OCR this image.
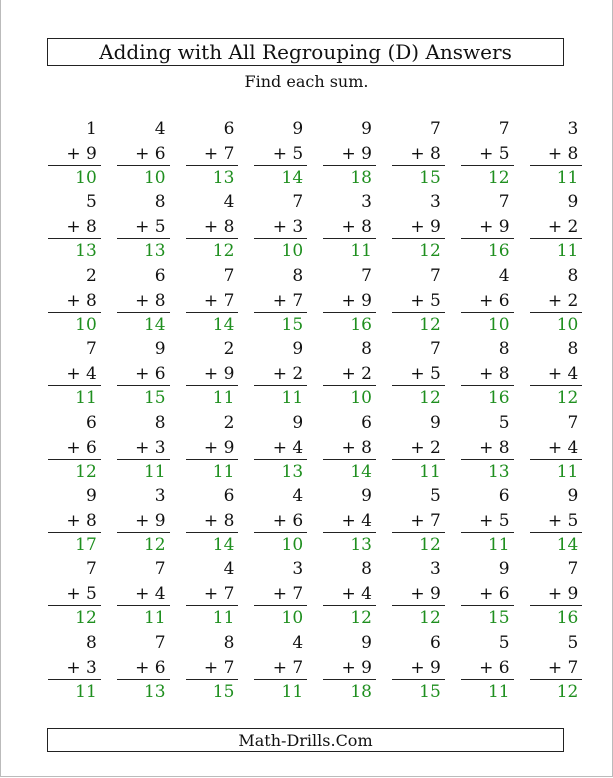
Adding with All Regrouping (D) Answers
Find each sum.
1
+ 9
10
4
+ 6
10
6
+ 7
13
9
+ 5
14
9
+ 9
18
7
+ 8
15
7
+ 5
12
3
+ 8
11
5
+ 8
13
8
+ 5
13
4
+ 8
12
7
+ 3
10
3
+ 8
11
3
+ 9
12
7
+ 9
16
9
+ 2
11
2
+ 8
10
6
+ 8
14
7
+ 7
14
8
+ 7
15
7
+ 9
16
7
+ 5
12
4
+ 6
10
8
+ 2
10
7
+ 4
11
9
+ 6
15
2
+ 9
11
9
+ 2
11
8
+ 2
10
7
+ 5
12
8
+ 8
16
8
+ 4
12
6
+ 6
12
8
+ 3
11
2
+ 9
11
9
+ 4
13
6
+ 8
14
9
+ 2
11
5
+ 8
13
7
+ 4
11
9
+ 8
17
3
+ 9
12
6
+ 8
14
4
+ 6
10
9
+ 4
13
5
+ 7
12
6
+ 5
11
9
+ 5
14
7
+ 5
12
7
+ 4
11
4
+ 7
11
3
+ 7
10
8
+ 4
12
3
+ 9
12
9
+ 6
15
7
+ 9
16
8
+ 3
11
7
+ 6
13
8
+ 7
15
4
+ 7
11
9
+ 9
18
6
+ 9
15
5
+ 6
11
5
+ 7
12
Math-Drills.Com
